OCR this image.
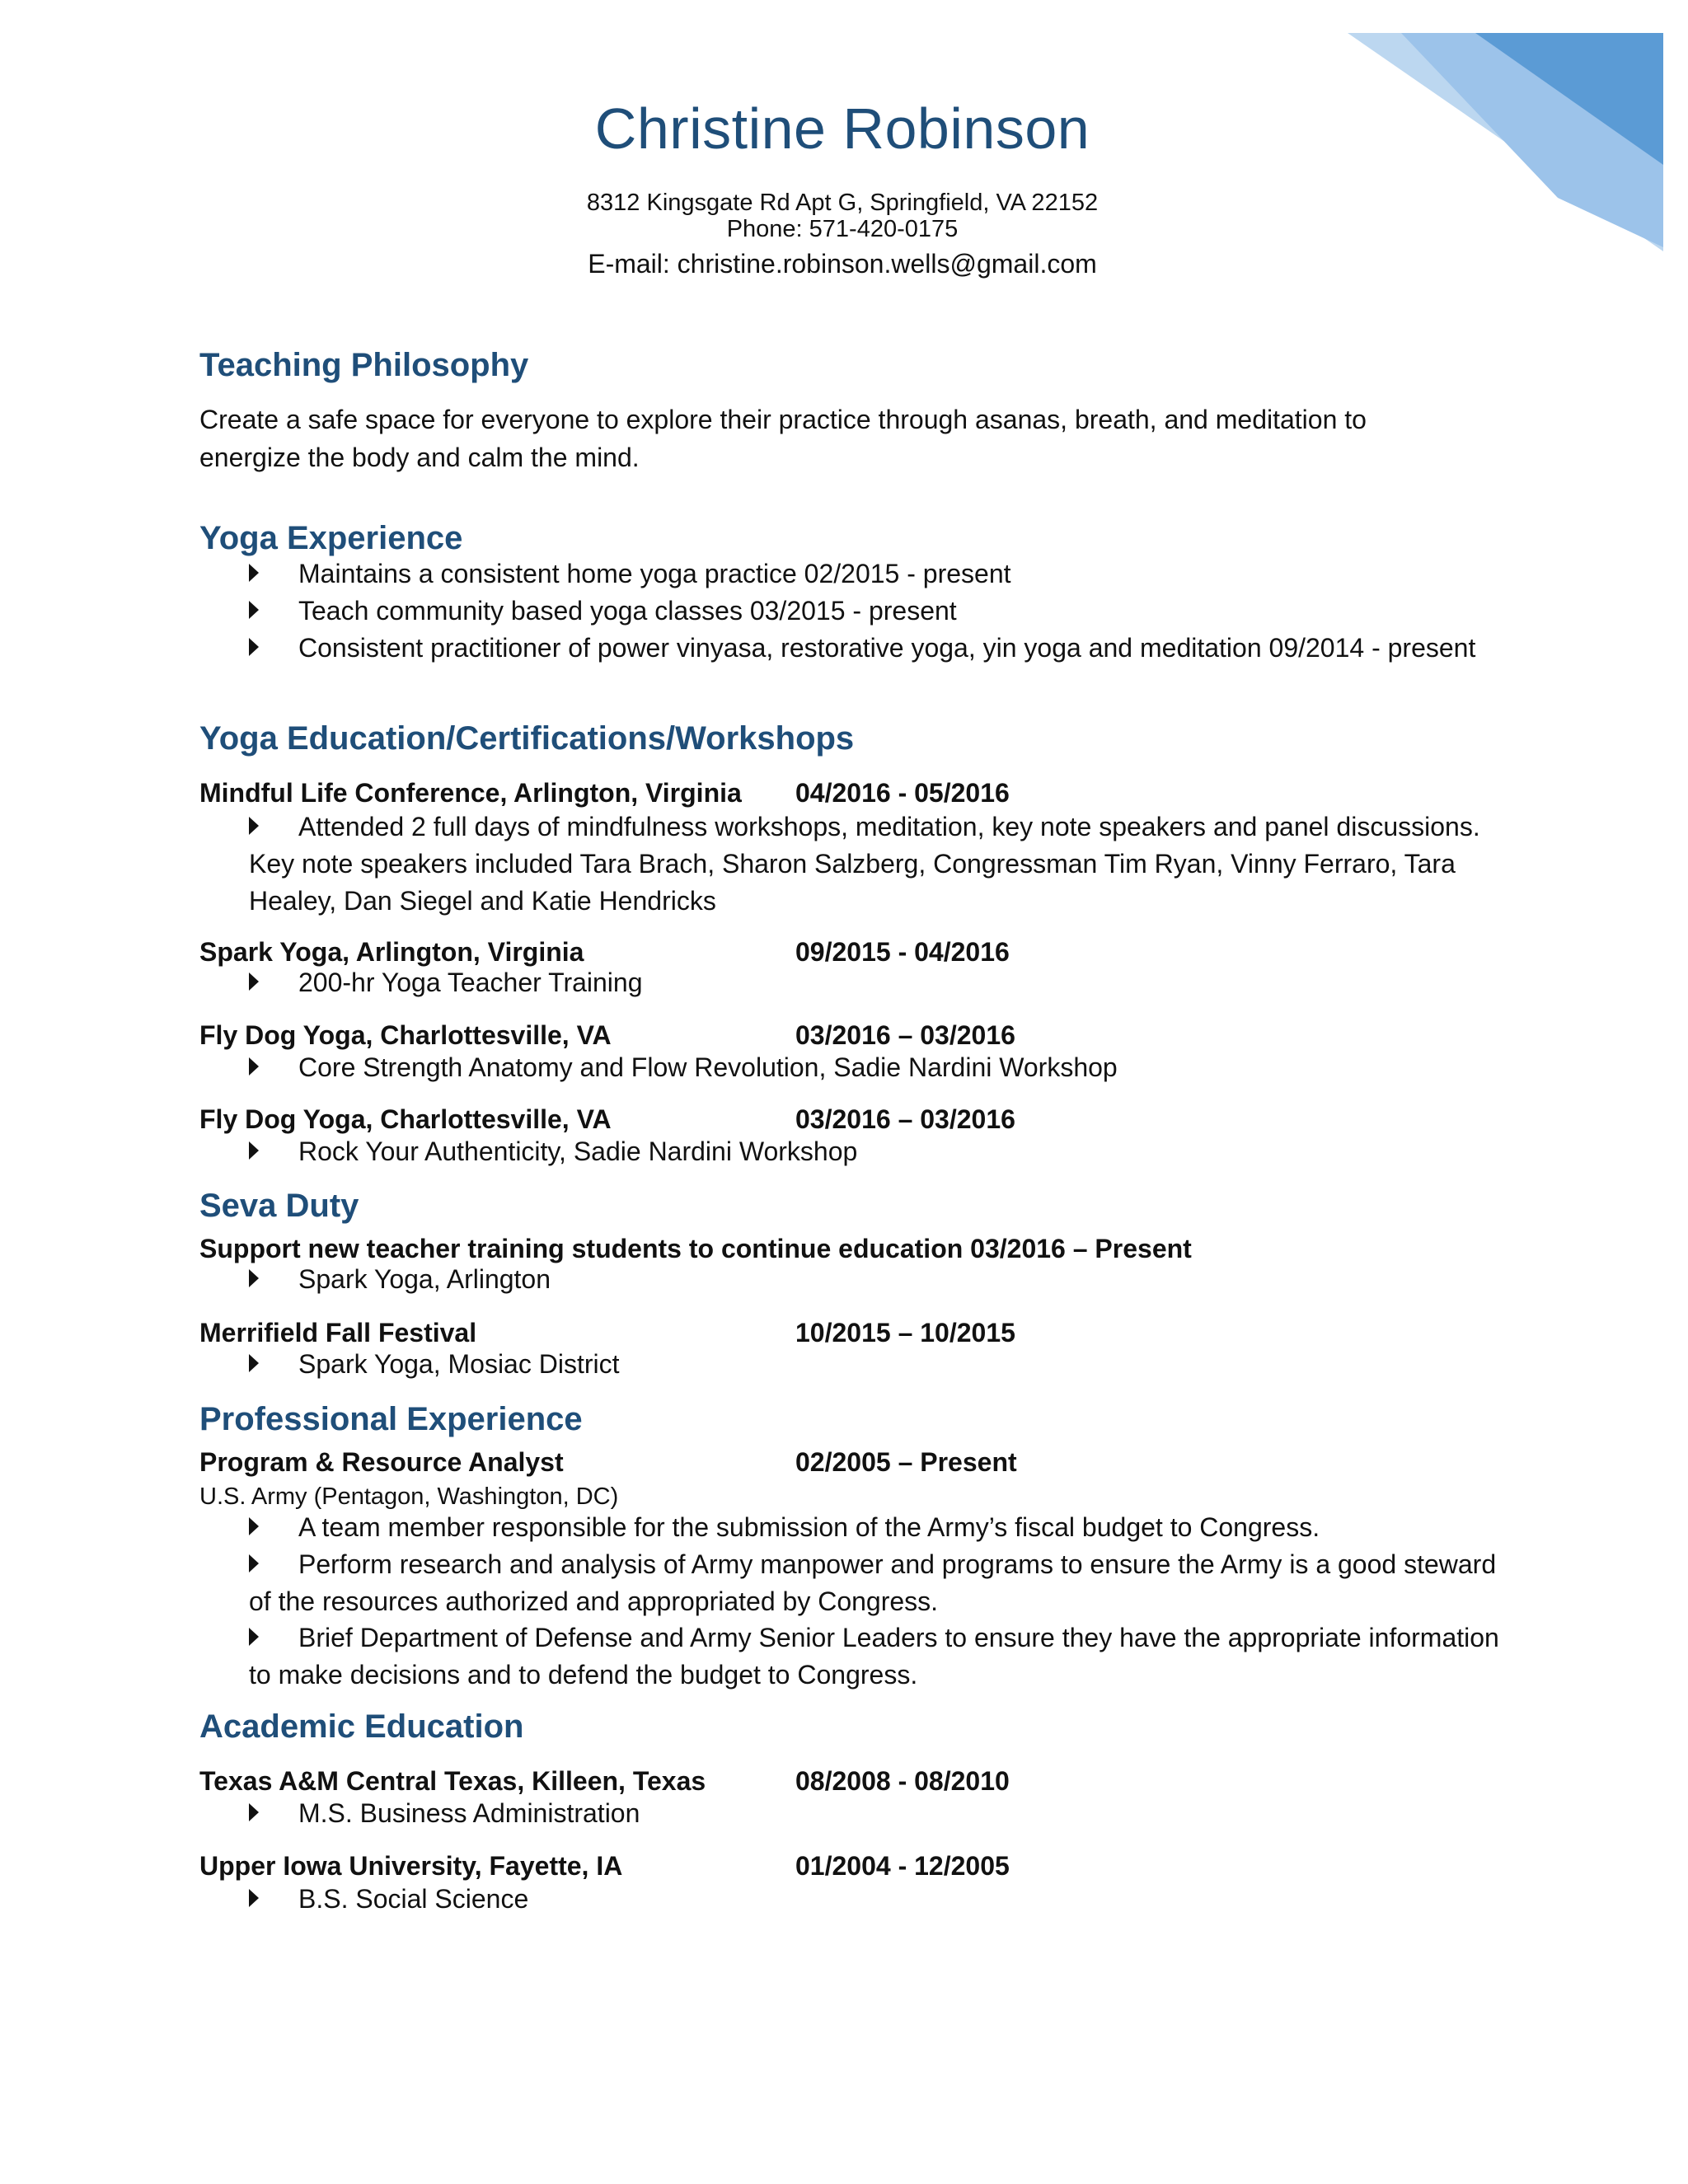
Christine Robinson
8312 Kingsgate Rd Apt G, Springfield, VA 22152
Phone: 571-420-0175
E-mail: christine.robinson.wells@gmail.com
Teaching Philosophy
Create a safe space for everyone to explore their practice through asanas, breath, and meditation to energize the body and calm the mind.
Yoga Experience
Maintains a consistent home yoga practice 02/2015 - present
Teach community based yoga classes 03/2015 - present
Consistent practitioner of power vinyasa, restorative yoga, yin yoga and meditation 09/2014 - present
Yoga Education/Certifications/Workshops
Mindful Life Conference, Arlington, Virginia 04/2016 - 05/2016
Attended 2 full days of mindfulness workshops, meditation, key note speakers and panel discussions. Key note speakers included Tara Brach, Sharon Salzberg, Congressman Tim Ryan, Vinny Ferraro, Tara Healey, Dan Siegel and Katie Hendricks
Spark Yoga, Arlington, Virginia	09/2015 - 04/2016
200-hr Yoga Teacher Training
Fly Dog Yoga, Charlottesville, VA	03/2016 – 03/2016
Core Strength Anatomy and Flow Revolution, Sadie Nardini Workshop
Fly Dog Yoga, Charlottesville, VA	03/2016 – 03/2016
Rock Your Authenticity, Sadie Nardini Workshop
Seva Duty
Support new teacher training students to continue education 03/2016 – Present
Spark Yoga, Arlington
Merrifield Fall Festival	10/2015 – 10/2015
Spark Yoga, Mosiac District
Professional Experience
Program & Resource Analyst	02/2005 – Present
U.S. Army (Pentagon, Washington, DC)
A team member responsible for the submission of the Army’s fiscal budget to Congress.
Perform research and analysis of Army manpower and programs to ensure the Army is a good steward of the resources authorized and appropriated by Congress.
Brief Department of Defense and Army Senior Leaders to ensure they have the appropriate information to make decisions and to defend the budget to Congress.
Academic Education
Texas A&M Central Texas, Killeen, Texas	08/2008 - 08/2010
M.S. Business Administration
Upper Iowa University, Fayette, IA	01/2004 - 12/2005
B.S. Social Science
